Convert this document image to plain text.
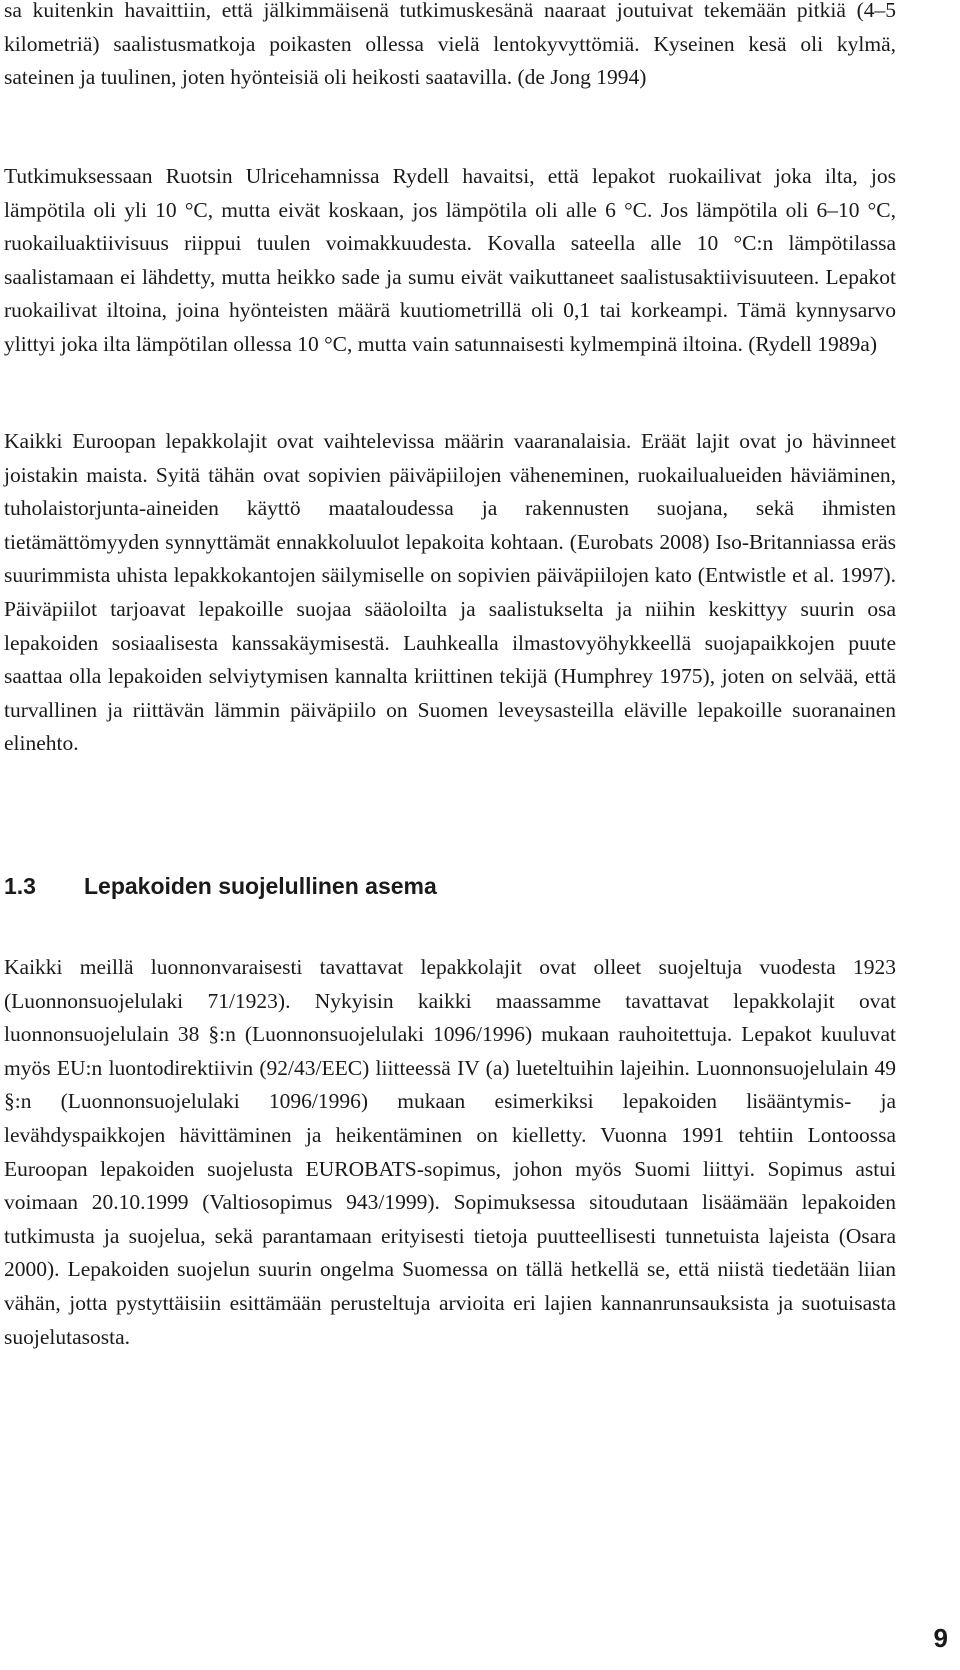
sa kuitenkin havaittiin, että jälkimmäisenä tutkimuskesänä naaraat joutuivat tekemään pitkiä (4–5 kilometriä) saalistusmatkoja poikasten ollessa vielä lentokyvyttömiä. Kyseinen kesä oli kylmä, sateinen ja tuulinen, joten hyönteisiä oli heikosti saatavilla. (de Jong 1994)

Tutkimuksessaan Ruotsin Ulricehamnissa Rydell havaitsi, että lepakot ruokailivat joka ilta, jos lämpötila oli yli 10 °C, mutta eivät koskaan, jos lämpötila oli alle 6 °C. Jos lämpötila oli 6–10 °C, ruokailuaktiivisuus riippui tuulen voimakkuudesta. Kovalla sateella alle 10 °C:n lämpötilassa saalistamaan ei lähdetty, mutta heikko sade ja sumu eivät vaikuttaneet saalistusaktiivisuuteen. Lepakot ruokailivat iltoina, joina hyönteisten määrä kuutiometrillä oli 0,1 tai korkeampi. Tämä kynnysarvo ylittyi joka ilta lämpötilan ollessa 10 °C, mutta vain satunnaisesti kylmempinä iltoina. (Rydell 1989a)

Kaikki Euroopan lepakkolajit ovat vaihtelevissa määrin vaaranalaisia. Eräät lajit ovat jo hävinneet joistakin maista. Syitä tähän ovat sopivien päiväpiilojen väheneminen, ruokailualueiden häviäminen, tuholaistorjunta-aineiden käyttö maataloudessa ja rakennusten suojana, sekä ihmisten tietämättömyyden synnyttämät ennakkoluulot lepakoita kohtaan. (Eurobats 2008) Iso-Britanniassa eräs suurimmista uhista lepakkokantojen säilymiselle on sopivien päiväpiilojen kato (Entwistle et al. 1997). Päiväpiilot tarjoavat lepakoille suojaa sääoloilta ja saalistukselta ja niihin keskittyy suurin osa lepakoiden sosiaalisesta kanssakäymisestä. Lauhkealla ilmastovyöhykkeellä suojapaikkojen puute saattaa olla lepakoiden selviytymisen kannalta kriittinen tekijä (Humphrey 1975), joten on selvää, että turvallinen ja riittävän lämmin päiväpiilo on Suomen leveysasteilla eläville lepakoille suoranainen elinehto.

1.3 Lepakoiden suojelullinen asema

Kaikki meillä luonnonvaraisesti tavattavat lepakkolajit ovat olleet suojeltuja vuodesta 1923 (Luonnonsuojelulaki 71/1923). Nykyisin kaikki maassamme tavattavat lepakkolajit ovat luonnonsuojelulain 38 §:n (Luonnonsuojelulaki 1096/1996) mukaan rauhoitettuja. Lepakot kuuluvat myös EU:n luontodirektiivin (92/43/EEC) liitteessä IV (a) lueteltuihin lajeihin. Luonnonsuojelulain 49 §:n (Luonnonsuojelulaki 1096/1996) mukaan esimerkiksi lepakoiden lisääntymis- ja levähdyspaikkojen hävittäminen ja heikentäminen on kielletty. Vuonna 1991 tehtiin Lontoossa Euroopan lepakoiden suojelusta EUROBATS-sopimus, johon myös Suomi liittyi. Sopimus astui voimaan 20.10.1999 (Valtiosopimus 943/1999). Sopimuksessa sitoudutaan lisäämään lepakoiden tutkimusta ja suojelua, sekä parantamaan erityisesti tietoja puutteellisesti tunnetuista lajeista (Osara 2000). Lepakoiden suojelun suurin ongelma Suomessa on tällä hetkellä se, että niistä tiedetään liian vähän, jotta pystyttäisiin esittämään perusteltuja arvioita eri lajien kannanrunsauksista ja suotuisasta suojelutasosta.

9
